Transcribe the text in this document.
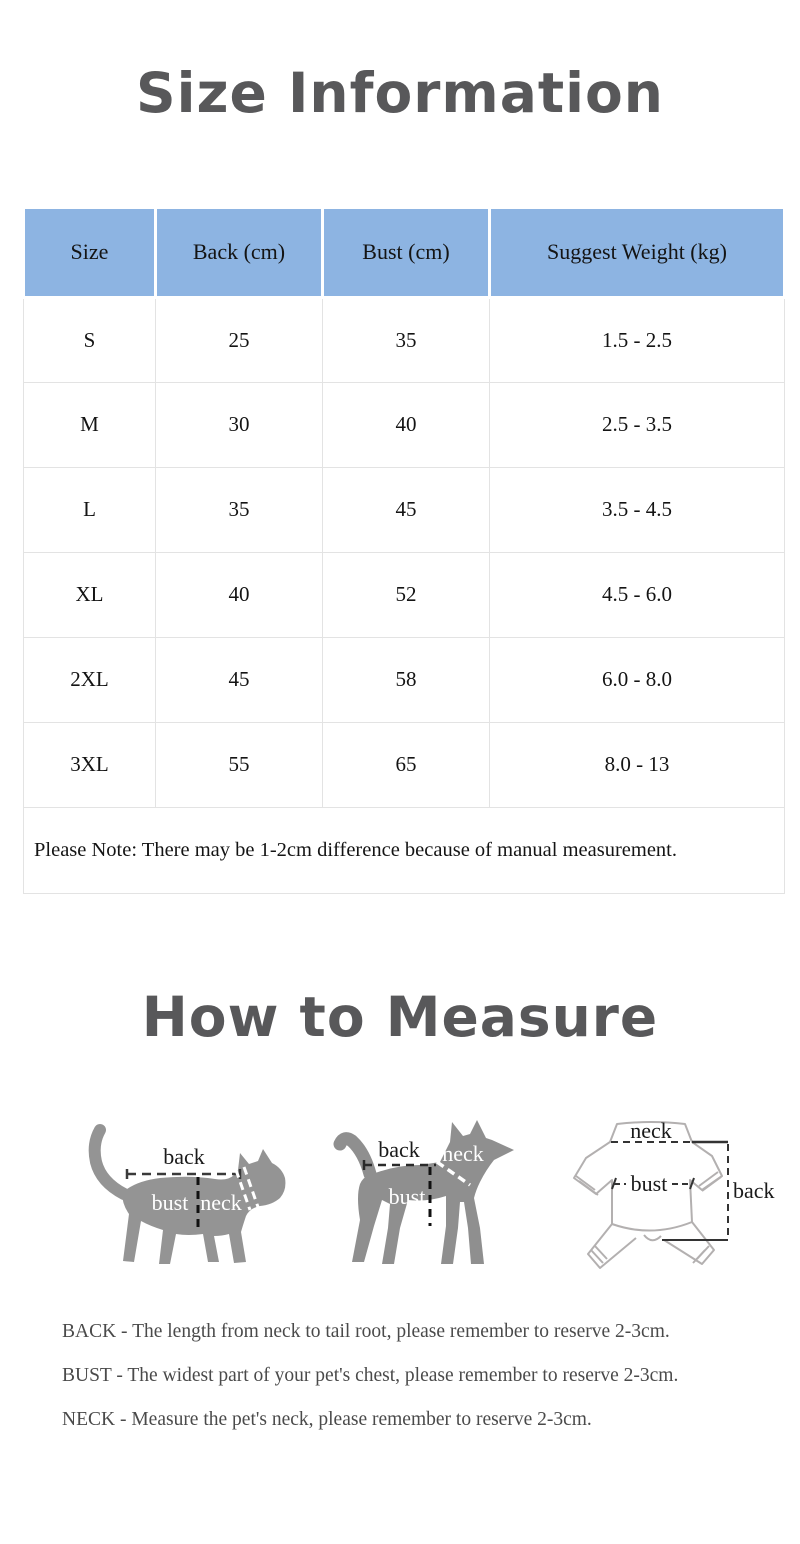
Size Information
Size	Back (cm)	Bust (cm)	Suggest Weight (kg)
S	25	35	1.5 - 2.5
M	30	40	2.5 - 3.5
L	35	45	3.5 - 4.5
XL	40	52	4.5 - 6.0
2XL	45	58	6.0 - 8.0
3XL	55	65	8.0 - 13
Please Note: There may be 1-2cm difference because of manual measurement.			
How to Measure
back
bust neck
back neck
bust
neck
bust	back
BACK - The length from neck to tail root, please remember to reserve 2-3cm.
BUST - The widest part of your pet's chest, please remember to reserve 2-3cm.
NECK - Measure the pet's neck, please remember to reserve 2-3cm.
